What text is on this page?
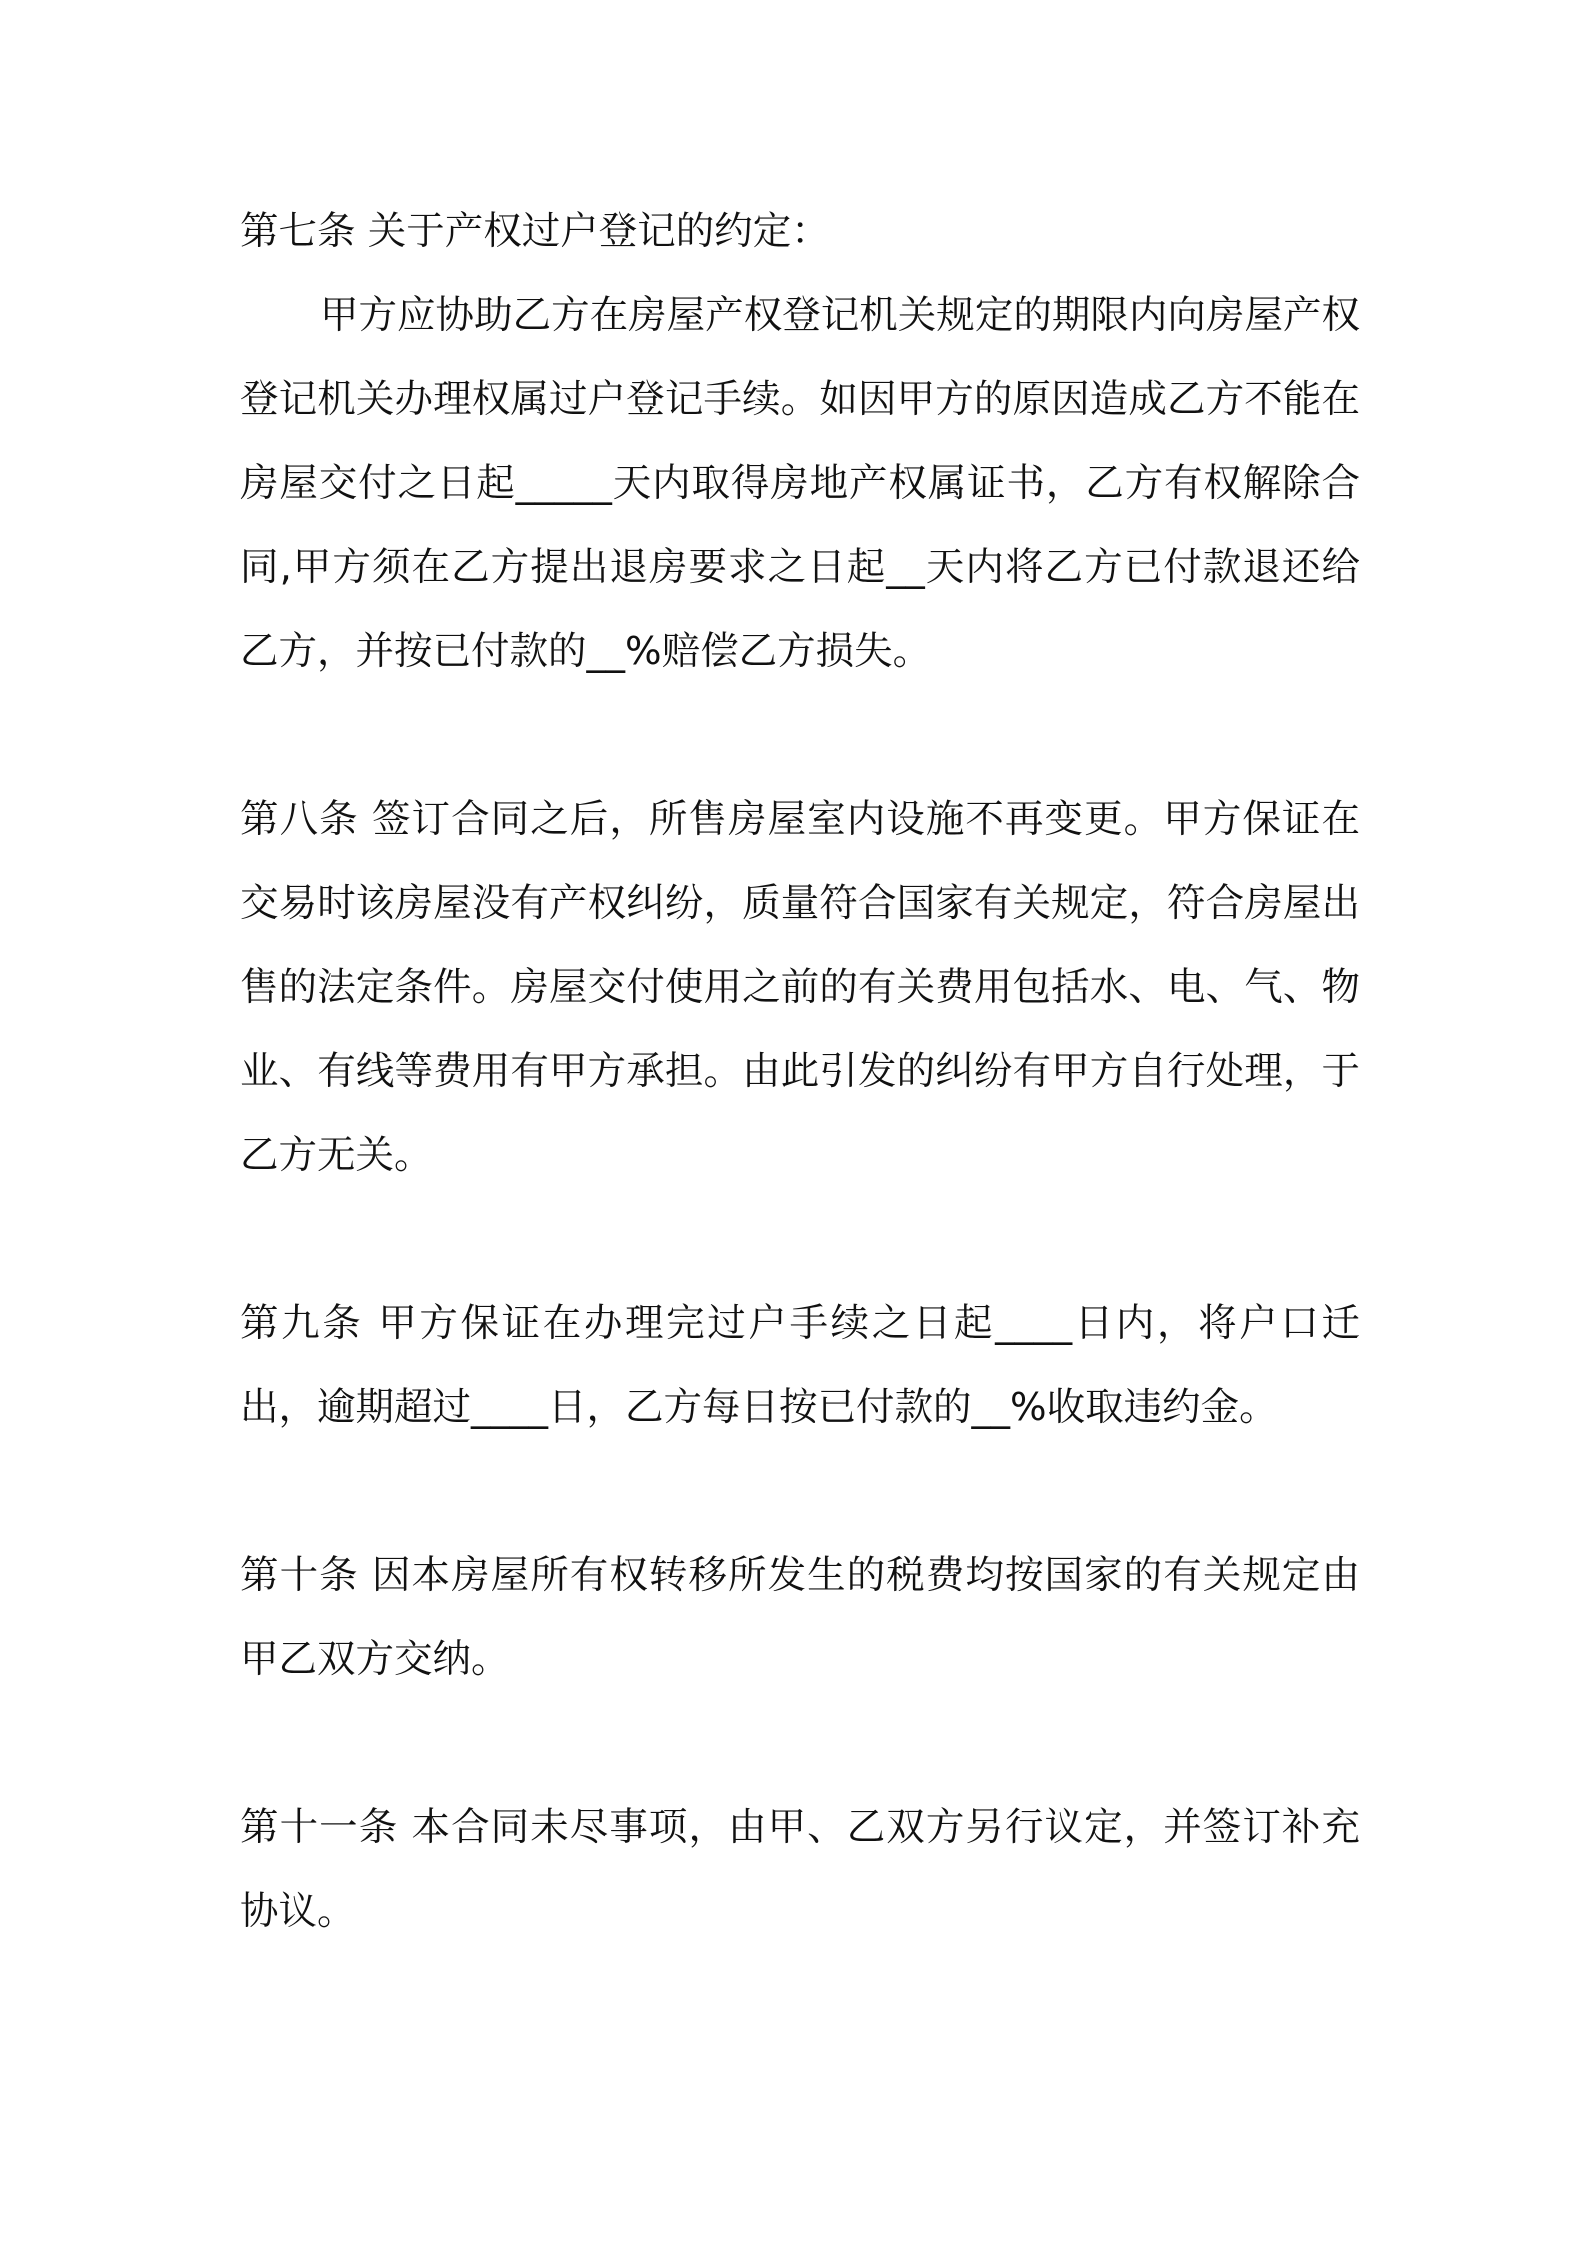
第七条 关于产权过户登记的约定：

甲方应协助乙方在房屋产权登记机关规定的期限内向房屋产权登记机关办理权属过户登记手续。如因甲方的原因造成乙方不能在房屋交付之日起_____天内取得房地产权属证书，乙方有权解除合同,甲方须在乙方提出退房要求之日起__天内将乙方已付款退还给乙方，并按已付款的__%赔偿乙方损失。

第八条 签订合同之后，所售房屋室内设施不再变更。甲方保证在交易时该房屋没有产权纠纷，质量符合国家有关规定，符合房屋出售的法定条件。房屋交付使用之前的有关费用包括水、电、气、物业、有线等费用有甲方承担。由此引发的纠纷有甲方自行处理，于乙方无关。

第九条 甲方保证在办理完过户手续之日起____日内，将户口迁出，逾期超过____日，乙方每日按已付款的__%收取违约金。

第十条 因本房屋所有权转移所发生的税费均按国家的有关规定由甲乙双方交纳。

第十一条 本合同未尽事项，由甲、乙双方另行议定，并签订补充协议。
